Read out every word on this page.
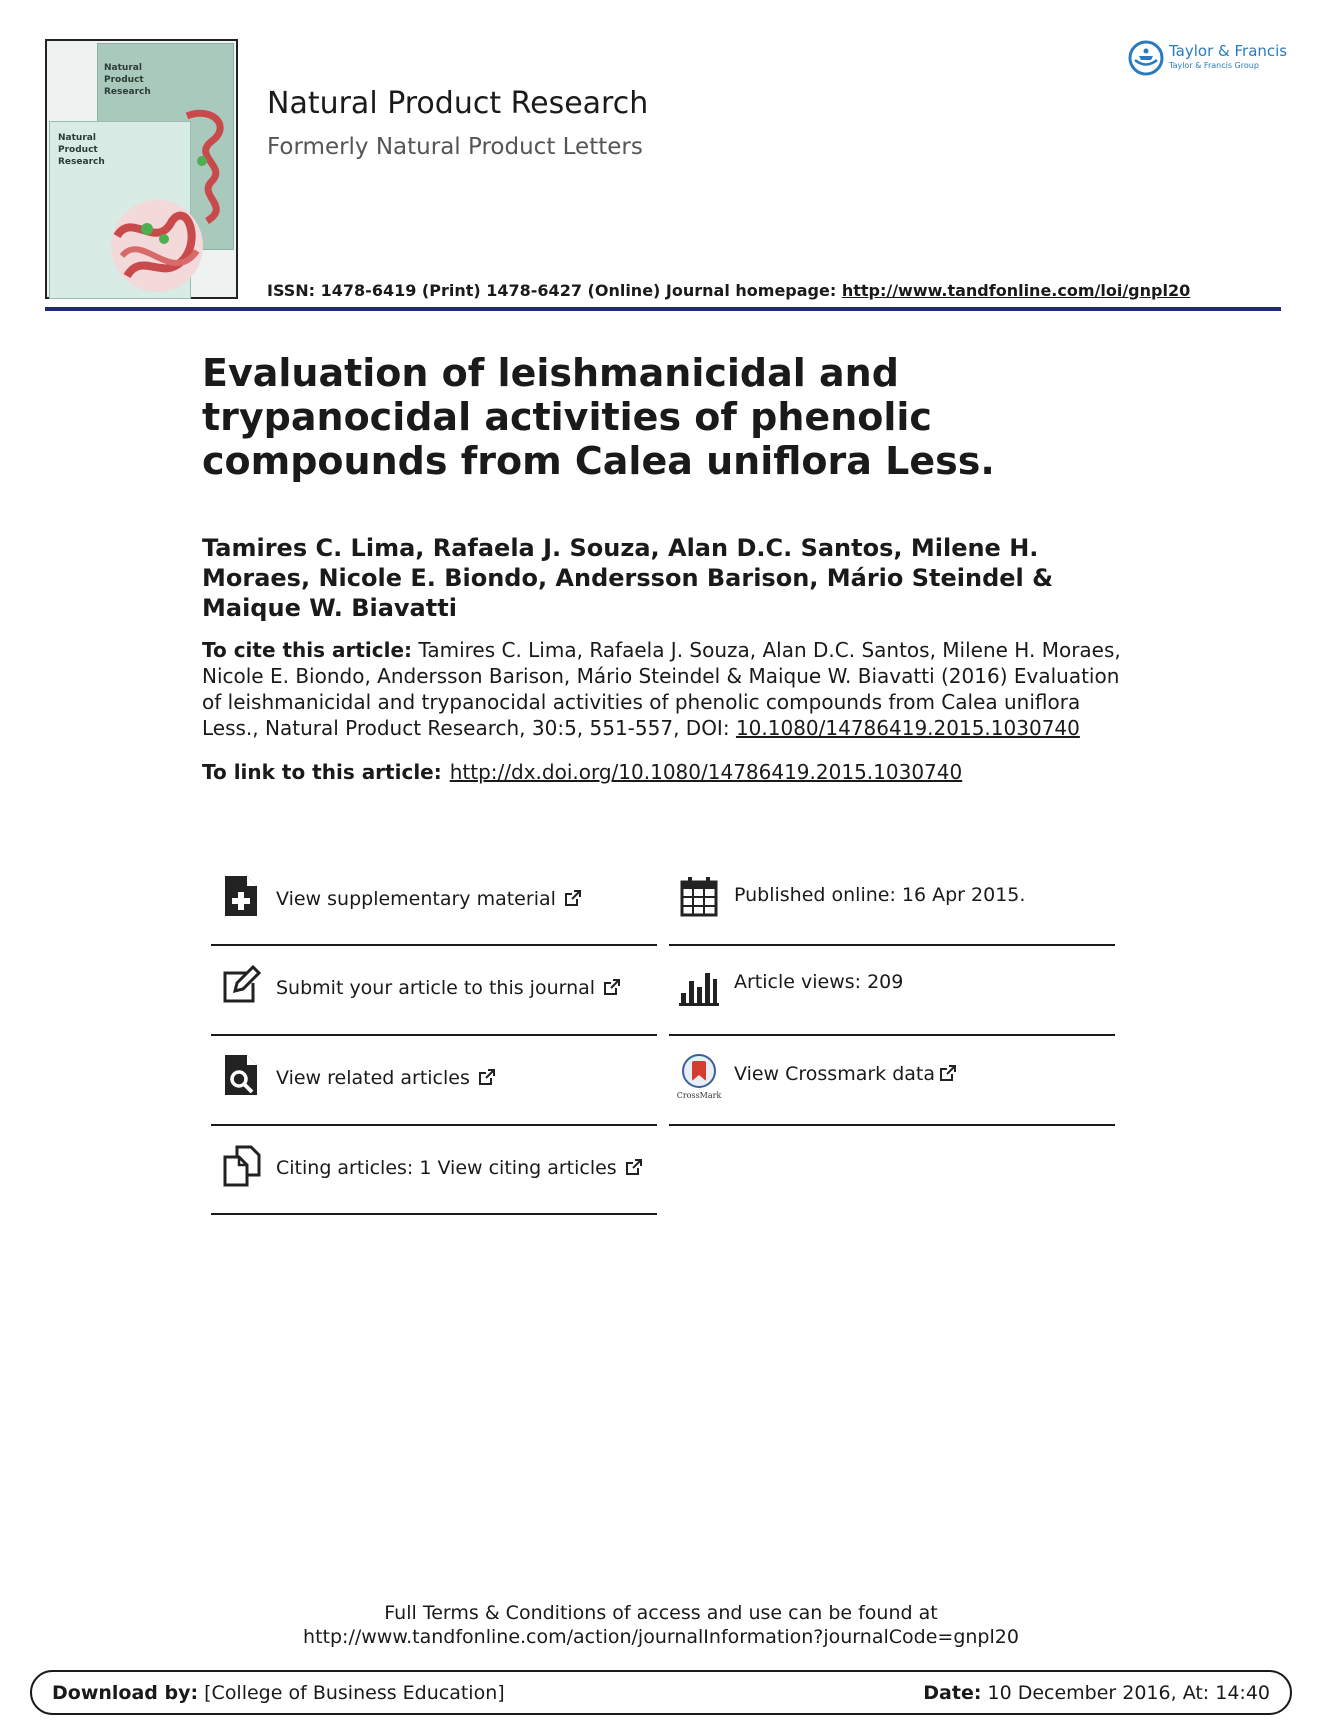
Natural Product Research
Natural Product Research
Natural Product Research
Formerly Natural Product Letters
ISSN: 1478-6419 (Print) 1478-6427 (Online) Journal homepage: http://www.tandfonline.com/loi/gnpl20
Taylor & Francis
Taylor & Francis Group
Evaluation of leishmanicidal and trypanocidal activities of phenolic compounds from Calea uniflora Less.
Tamires C. Lima, Rafaela J. Souza, Alan D.C. Santos, Milene H. Moraes, Nicole E. Biondo, Andersson Barison, Mário Steindel & Maique W. Biavatti
To cite this article: Tamires C. Lima, Rafaela J. Souza, Alan D.C. Santos, Milene H. Moraes, Nicole E. Biondo, Andersson Barison, Mário Steindel & Maique W. Biavatti (2016) Evaluation of leishmanicidal and trypanocidal activities of phenolic compounds from Calea uniflora Less., Natural Product Research, 30:5, 551-557, DOI: 10.1080/14786419.2015.1030740
To link to this article: http://dx.doi.org/10.1080/14786419.2015.1030740
View supplementary material
Submit your article to this journal
View related articles
Citing articles: 1 View citing articles
Published online: 16 Apr 2015.
Article views: 209
CrossMark
View Crossmark data
Full Terms & Conditions of access and use can be found at
http://www.tandfonline.com/action/journalInformation?journalCode=gnpl20
Download by: [College of Business Education]	Date: 10 December 2016, At: 14:40
